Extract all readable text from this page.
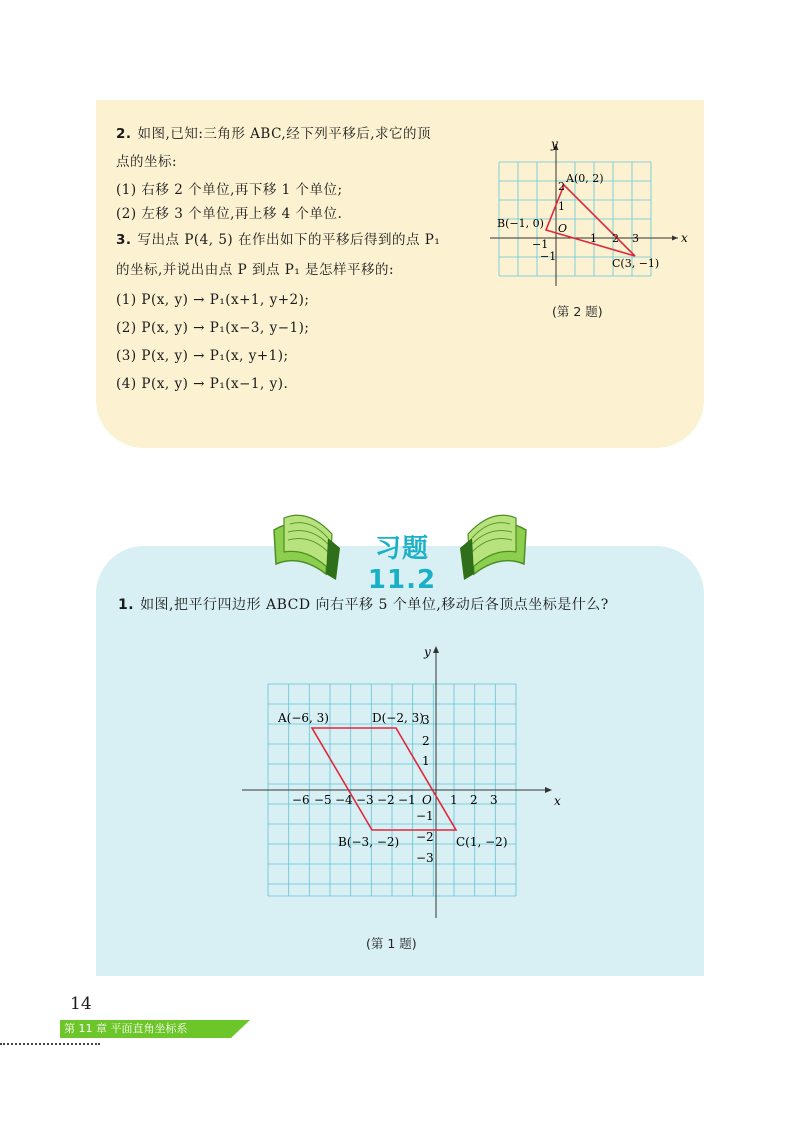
2. 如图,已知:三角形 ABC,经下列平移后,求它的顶
点的坐标:
(1) 右移 2 个单位,再下移 1 个单位;
(2) 左移 3 个单位,再上移 4 个单位.
3. 写出点 P(4, 5) 在作出如下的平移后得到的点 P₁
的坐标,并说出由点 P 到点 P₁ 是怎样平移的:
(1) P(x, y) → P₁(x+1, y+2);
(2) P(x, y) → P₁(x−3, y−1);
(3) P(x, y) → P₁(x, y+1);
(4) P(x, y) → P₁(x−1, y).
x
y
O
A(0, 2)
B(−1, 0)
C(3, −1)
−1	1 2 3
2
1
−1
(第 2 题)
习题 11.2
1. 如图,把平行四边形 ABCD 向右平移 5 个单位,移动后各顶点坐标是什么?
x
y
O
A(−6, 3)	D(−2, 3)
B(−3, −2)	C(1, −2)
−6 −5 −4 −3 −2 −1	1 2 3
3
2
1
−1
−2
−3
(第 1 题)
14
第 11 章 平面直角坐标系
